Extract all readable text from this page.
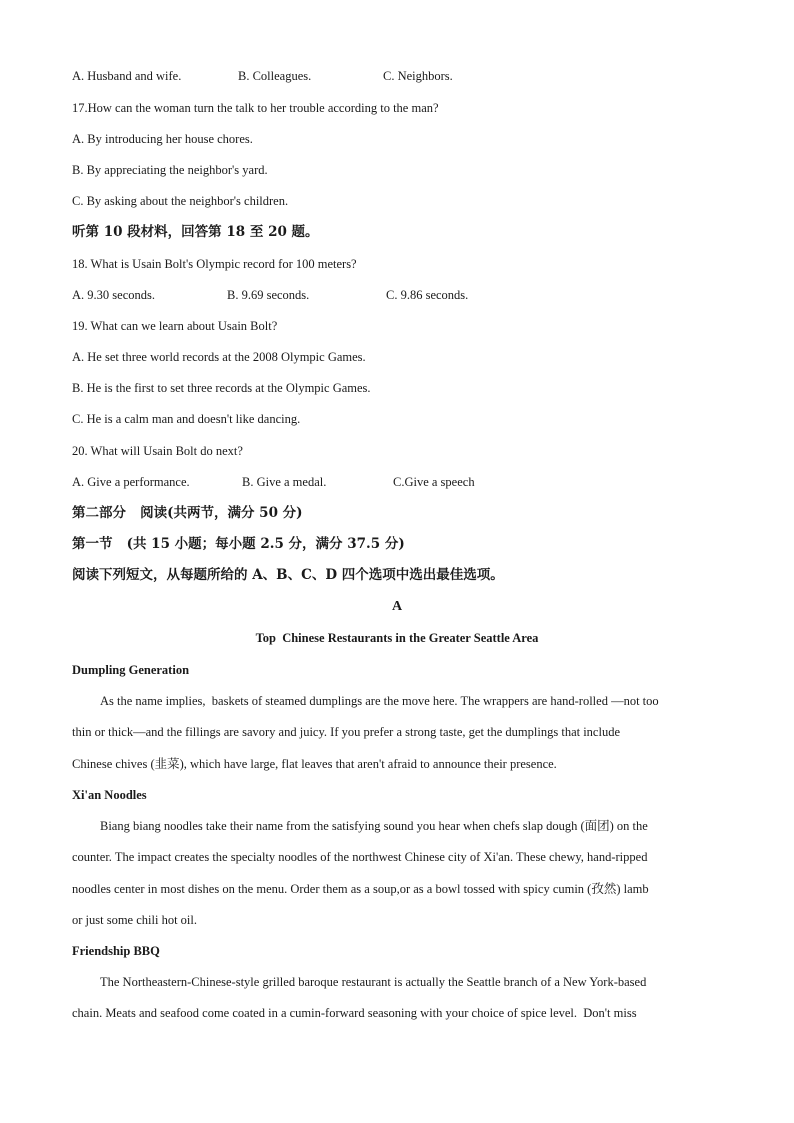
A. Husband and wife.	B. Colleagues.	C. Neighbors.
17.How can the woman turn the talk to her trouble according to the man?
A. By introducing her house chores.
B. By appreciating the neighbor's yard.
C. By asking about the neighbor's children.
听第 10 段材料，回答第 18 至 20 题。
18. What is Usain Bolt's Olympic record for 100 meters?
A. 9.30 seconds.	B. 9.69 seconds.	C. 9.86 seconds.
19. What can we learn about Usain Bolt?
A. He set three world records at the 2008 Olympic Games.
B. He is the first to set three records at the Olympic Games.
C. He is a calm man and doesn't like dancing.
20. What will Usain Bolt do next?
A. Give a performance.	B. Give a medal.	C.Give a speech
第二部分   阅读(共两节，满分 50 分)
第一节   (共 15 小题；每小题 2.5 分，满分 37.5 分)
阅读下列短文，从每题所给的 A、B、C、D 四个选项中选出最佳选项。
A
Top  Chinese Restaurants in the Greater Seattle Area
Dumpling Generation
As the name implies,  baskets of steamed dumplings are the move here. The wrappers are hand-rolled —not too
thin or thick—and the fillings are savory and juicy. If you prefer a strong taste, get the dumplings that include
Chinese chives (韭菜), which have large, flat leaves that aren't afraid to announce their presence.
Xi'an Noodles
Biang biang noodles take their name from the satisfying sound you hear when chefs slap dough (面团) on the
counter. The impact creates the specialty noodles of the northwest Chinese city of Xi'an. These chewy, hand-ripped
noodles center in most dishes on the menu. Order them as a soup,or as a bowl tossed with spicy cumin (孜然) lamb
or just some chili hot oil.
Friendship BBQ
The Northeastern-Chinese-style grilled baroque restaurant is actually the Seattle branch of a New York-based
chain. Meats and seafood come coated in a cumin-forward seasoning with your choice of spice level.  Don't miss
